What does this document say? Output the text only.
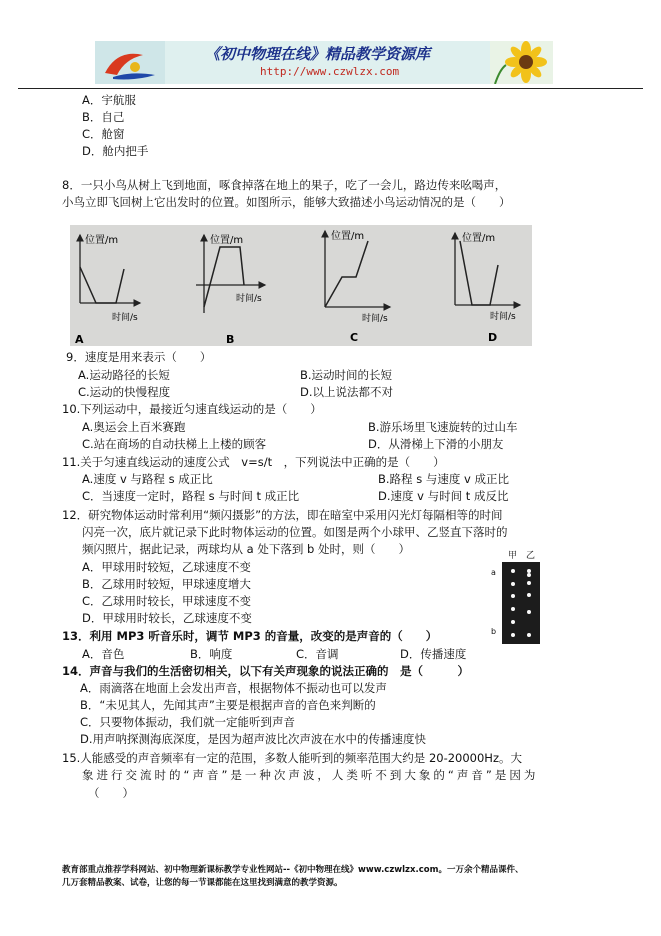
《初中物理在线》精品教学资源库
http://www.czwlzx.com
A．宇航服
B．自己
C．舱窗
D．舱内把手
8．一只小鸟从树上飞到地面，啄食掉落在地上的果子，吃了一会儿，路边传来吆喝声，
小鸟立即飞回树上它出发时的位置。如图所示，能够大致描述小鸟运动情况的是（　　）
位置/m
时间/s
A
位置/m
时间/s
B
位置/m
时间/s
C
位置/m
时间/s
D
9．速度是用来表示（　　）
A.运动路径的长短	B.运动时间的长短
C.运动的快慢程度	D.以上说法都不对
10.下列运动中，最接近匀速直线运动的是（　　）
A.奥运会上百米赛跑	B.游乐场里飞速旋转的过山车
C.站在商场的自动扶梯上上楼的顾客	D．从滑梯上下滑的小朋友
11.关于匀速直线运动的速度公式　v=s/t　，下列说法中正确的是（　　）
A.速度 v 与路程 s 成正比	B.路程 s 与速度 v 成正比
C．当速度一定时，路程 s 与时间 t 成正比	D.速度 v 与时间 t 成反比
12．研究物体运动时常利用“频闪摄影”的方法，即在暗室中采用闪光灯每隔相等的时间
闪亮一次，底片就记录下此时物体运动的位置。如图是两个小球甲、乙竖直下落时的
频闪照片，据此记录，两球均从 a 处下落到 b 处时，则（　　）
A．甲球用时较短，乙球速度不变
B．乙球用时较短，甲球速度增大
C．乙球用时较长，甲球速度不变
D．甲球用时较长，乙球速度不变
甲 乙
a
b
13．利用 MP3 听音乐时，调节 MP3 的音量，改变的是声音的（　　）
A．音色	B．响度	C．音调	D．传播速度
14．声音与我们的生活密切相关，以下有关声现象的说法正确的　是（　　　）
A．雨滴落在地面上会发出声音，根据物体不振动也可以发声
B．“未见其人，先闻其声”主要是根据声音的音色来判断的
C．只要物体振动，我们就一定能听到声音
D.用声呐探测海底深度，是因为超声波比次声波在水中的传播速度快
15.人能感受的声音频率有一定的范围，多数人能听到的频率范围大约是 20-20000Hz。大
象进行交流时的“声音”是一种次声波，人类听不到大象的“声音”是因为
（　　）
教育部重点推荐学科网站、初中物理新课标教学专业性网站--《初中物理在线》www.czwlzx.com。一万余个精品课件、
几万套精品教案、试卷，让您的每一节课都能在这里找到满意的教学资源。
